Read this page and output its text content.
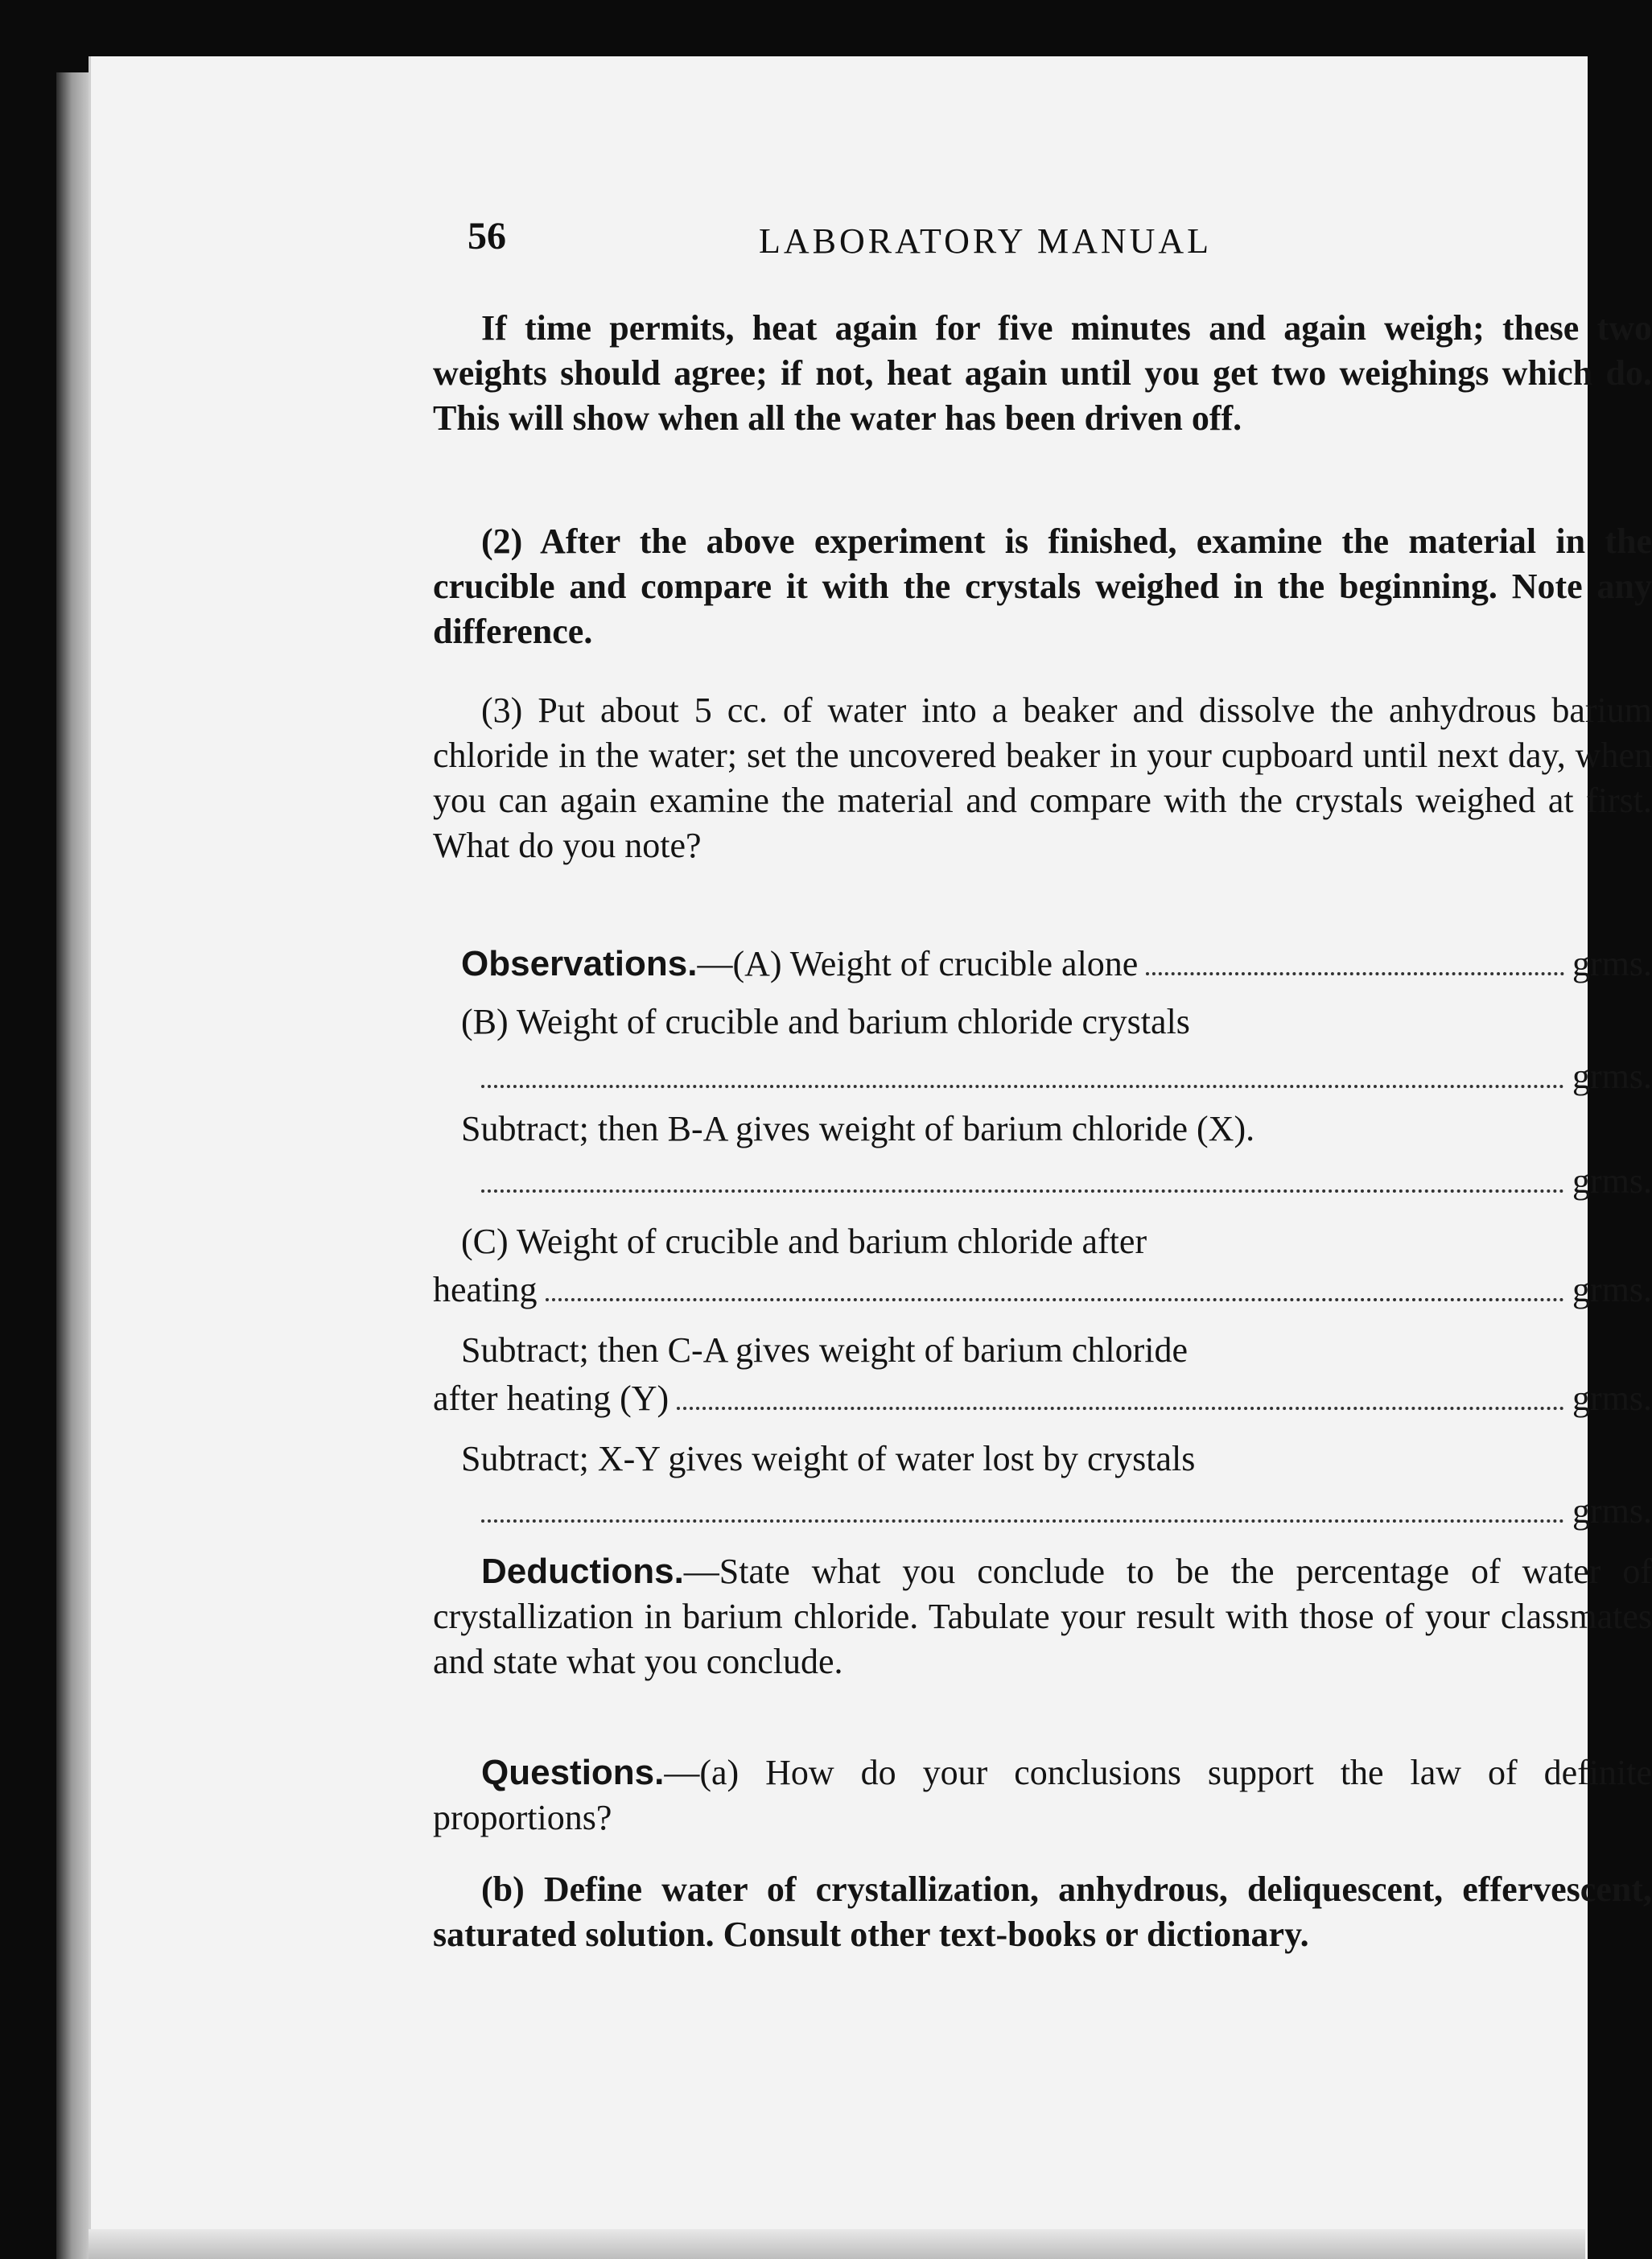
56	LABORATORY MANUAL
If time permits, heat again for five minutes and again weigh; these two weights should agree; if not, heat again until you get two weighings which do. This will show when all the water has been driven off.
(2) After the above experiment is finished, examine the material in the crucible and compare it with the crystals weighed in the beginning. Note any difference.
(3) Put about 5 cc. of water into a beaker and dissolve the anhydrous barium chloride in the water; set the uncovered beaker in your cupboard until next day, when you can again examine the material and compare with the crystals weighed at first. What do you note?
Observations.—(A) Weight of crucible alone	grms.
(B) Weight of crucible and barium chloride crystals
grms.
Subtract; then B-A gives weight of barium chloride (X).
grms.
(C) Weight of crucible and barium chloride after
heating	grms.
Subtract; then C-A gives weight of barium chloride
after heating (Y)	grms.
Subtract; X-Y gives weight of water lost by crystals
grms.
Deductions.—State what you conclude to be the percentage of water of crystallization in barium chloride. Tabulate your result with those of your classmates and state what you conclude.
Questions.—(a) How do your conclusions support the law of definite proportions?
(b) Define water of crystallization, anhydrous, deliquescent, effervescent, saturated solution. Consult other text-books or dictionary.
